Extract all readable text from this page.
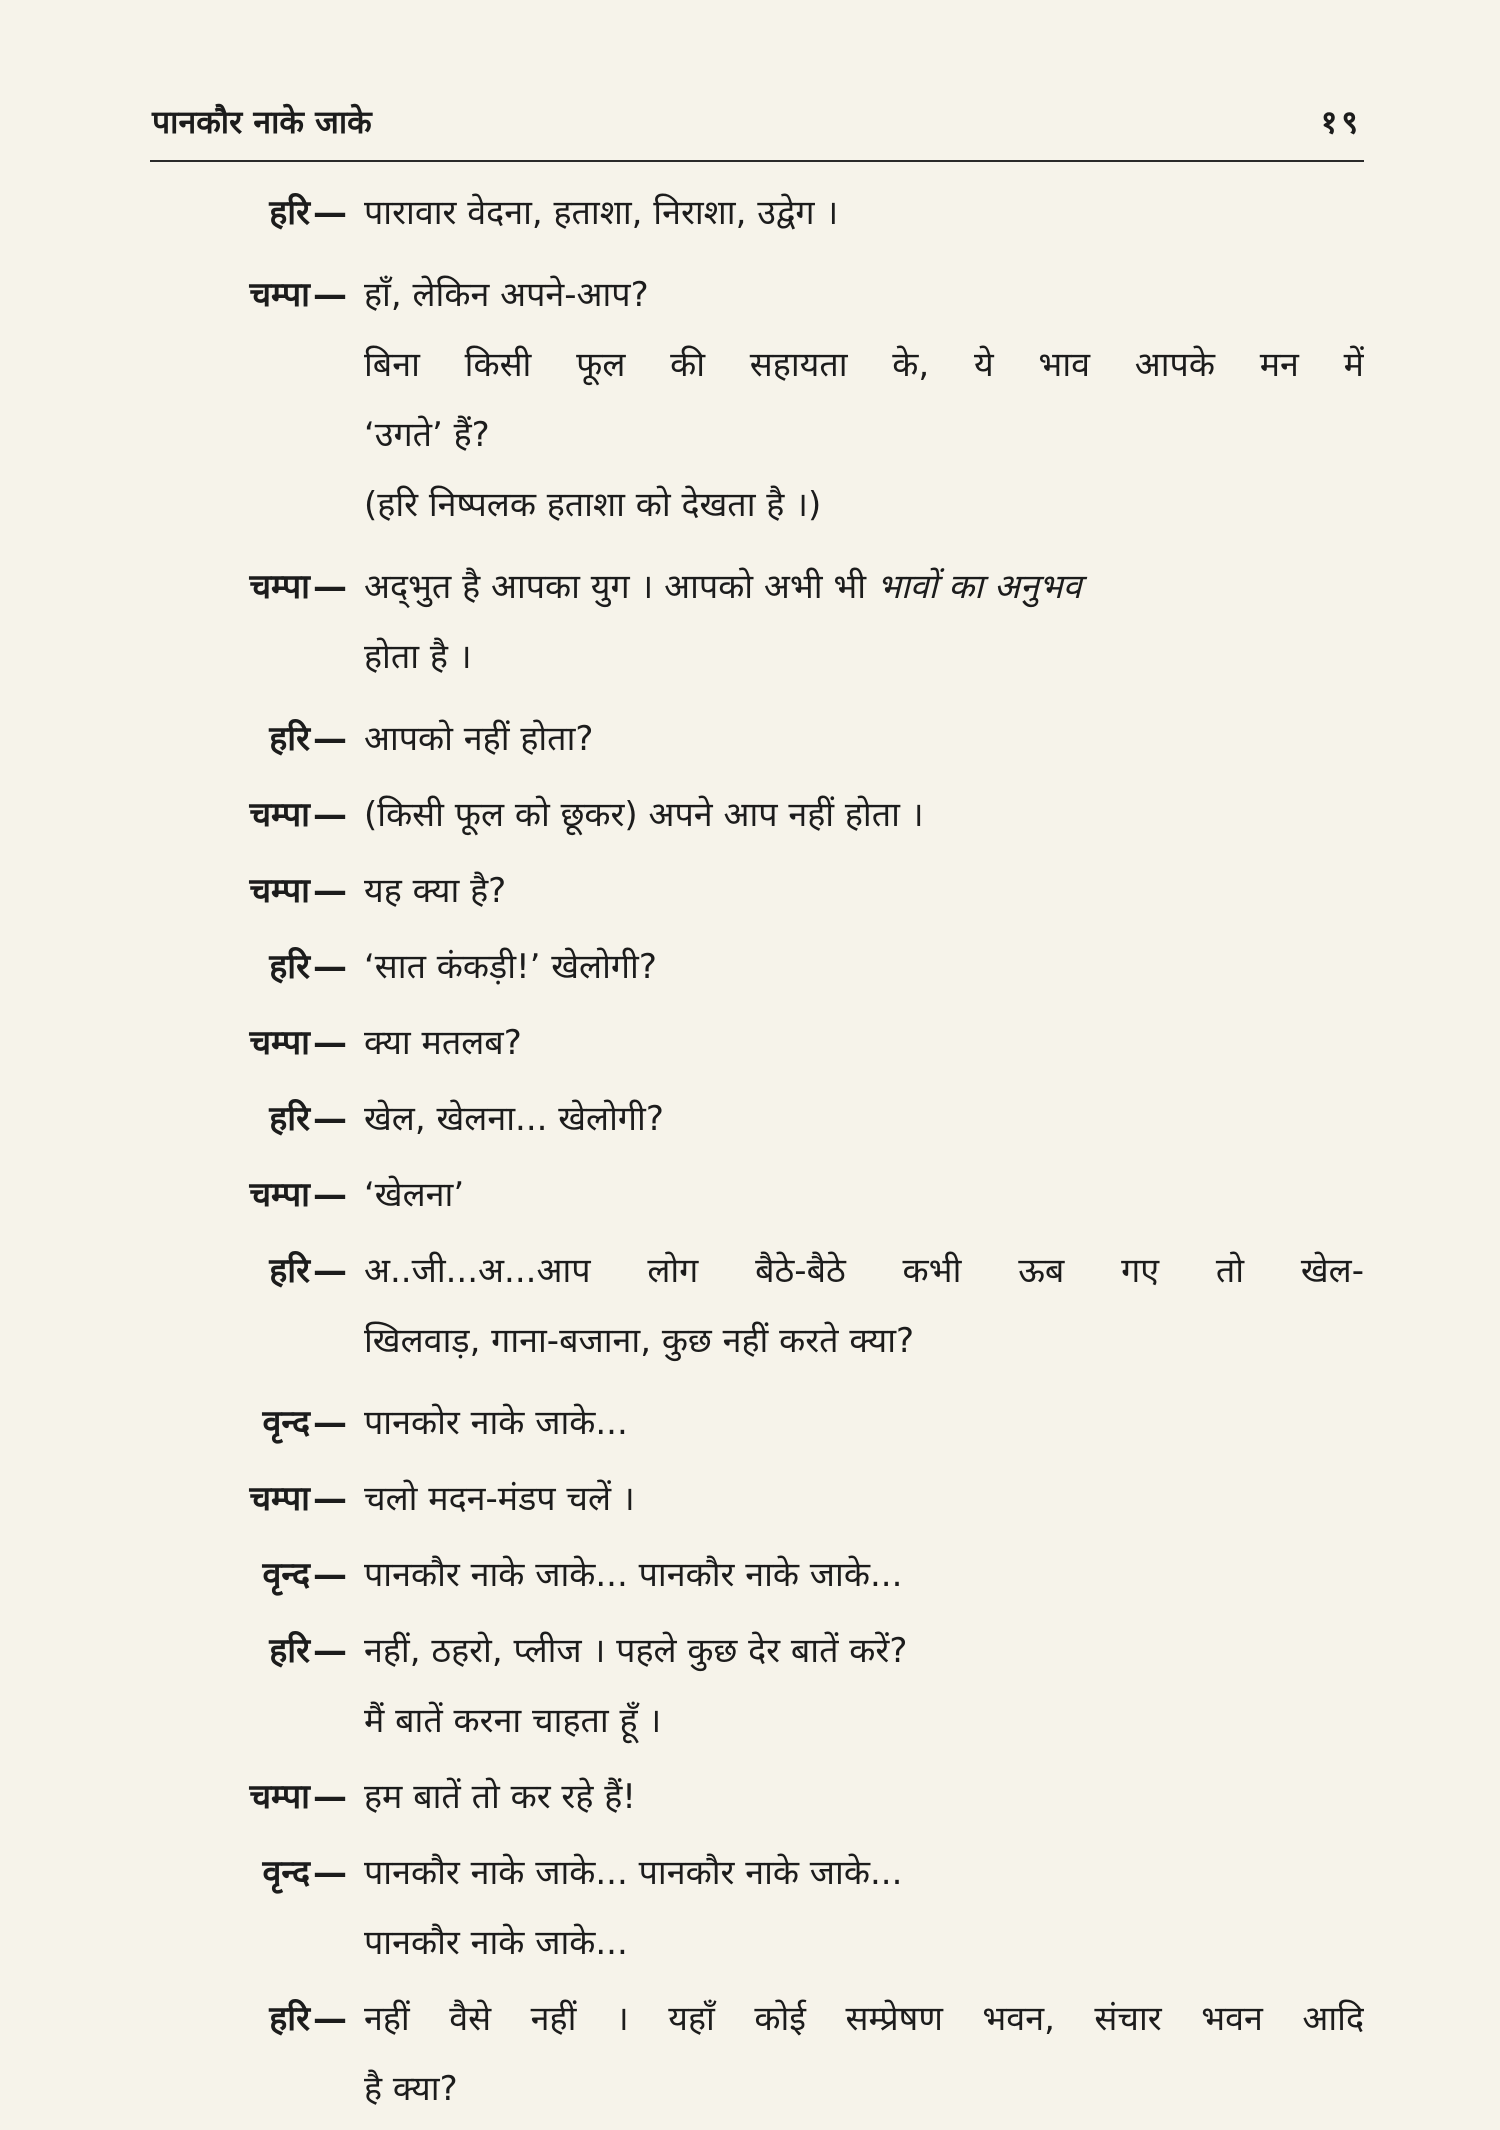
पानकौर नाके जाके	१९
हरि — पारावार वेदना, हताशा, निराशा, उद्वेग ।
चम्पा — हाँ, लेकिन अपने-आप?
बिना किसी फूल की सहायता के, ये भाव आपके मन में
‘उगते’ हैं?
(हरि निष्पलक हताशा को देखता है ।)
चम्पा — अद्‌भुत है आपका युग । आपको अभी भी भावों का अनुभव
होता है ।
हरि — आपको नहीं होता?
चम्पा — (किसी फूल को छूकर) अपने आप नहीं होता ।
चम्पा — यह क्या है?
हरि — ‘सात कंकड़ी!’ खेलोगी?
चम्पा — क्या मतलब?
हरि — खेल, खेलना... खेलोगी?
चम्पा — ‘खेलना’
हरि — अ..जी...अ...आप लोग बैठे-बैठे कभी ऊब गए तो खेल-
खिलवाड़, गाना-बजाना, कुछ नहीं करते क्या?
वृन्द — पानकोर नाके जाके...
चम्पा — चलो मदन-मंडप चलें ।
वृन्द — पानकौर नाके जाके... पानकौर नाके जाके...
हरि — नहीं, ठहरो, प्लीज । पहले कुछ देर बातें करें?
मैं बातें करना चाहता हूँ ।
चम्पा — हम बातें तो कर रहे हैं!
वृन्द — पानकौर नाके जाके... पानकौर नाके जाके...
पानकौर नाके जाके...
हरि — नहीं वैसे नहीं । यहाँ कोई सम्प्रेषण भवन, संचार भवन आदि
है क्या?
